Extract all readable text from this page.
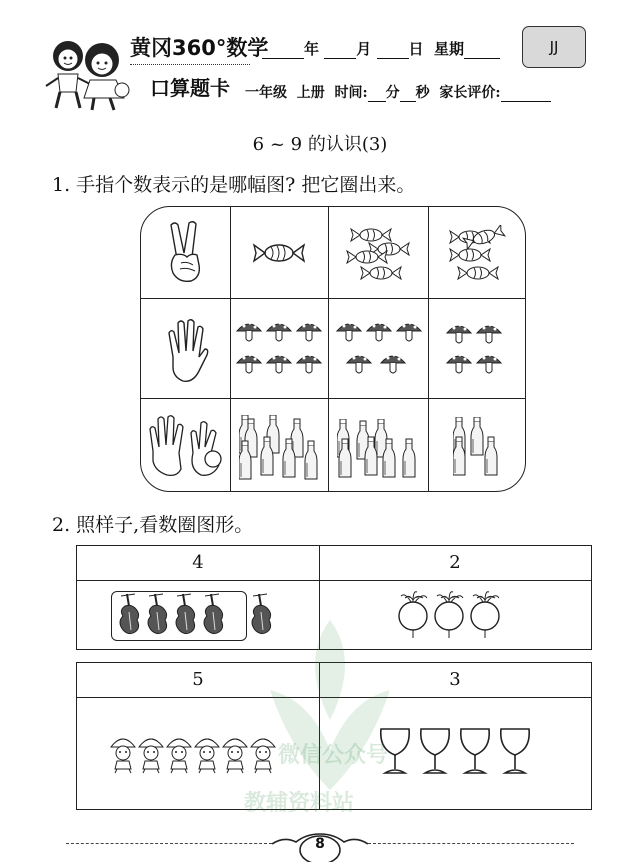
黄冈360°数学
口算题卡
年 月 日 星期	JJ
一年级 上册 时间: 分 秒 家长评价:
6 ~ 9 的认识(3)
1. 手指个数表示的是哪幅图? 把它圈出来。
2. 照样子,看数圈图形。
4	2
5	3
微信公众号
教辅资料站
8
